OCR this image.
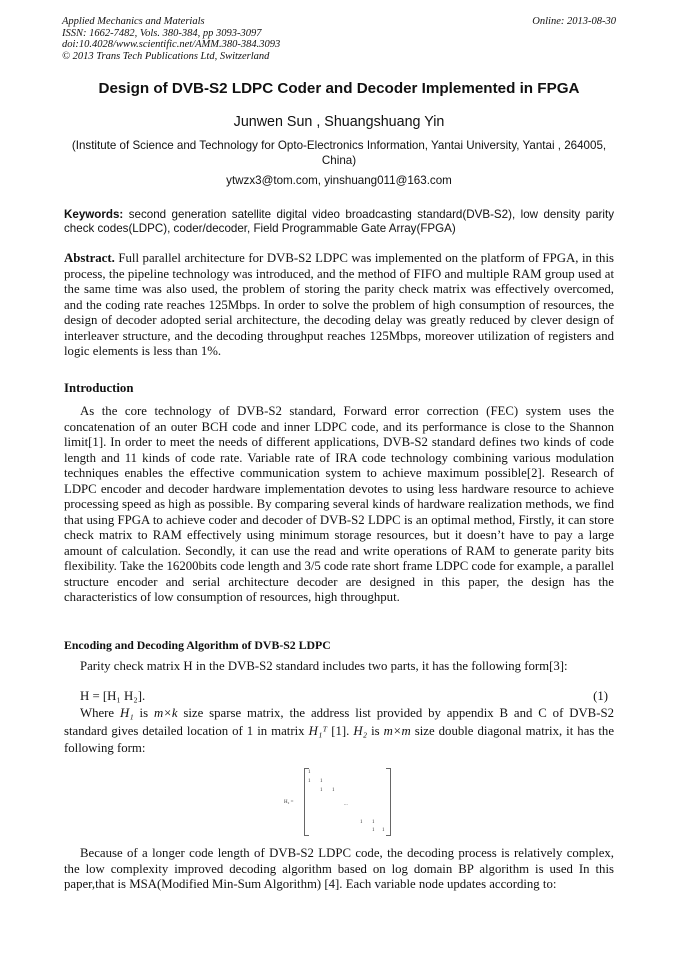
Applied Mechanics and Materials
ISSN: 1662-7482, Vols. 380-384, pp 3093-3097
doi:10.4028/www.scientific.net/AMM.380-384.3093
© 2013 Trans Tech Publications Ltd, Switzerland
Online: 2013-08-30
Design of DVB-S2 LDPC Coder and Decoder Implemented in FPGA
Junwen Sun , Shuangshuang Yin
(Institute of Science and Technology for Opto-Electronics Information, Yantai University, Yantai , 264005, China)
ytwzx3@tom.com, yinshuang011@163.com
Keywords: second generation satellite digital video broadcasting standard(DVB-S2), low density parity check codes(LDPC), coder/decoder, Field Programmable Gate Array(FPGA)
Abstract. Full parallel architecture for DVB-S2 LDPC was implemented on the platform of FPGA, in this process, the pipeline technology was introduced, and the method of FIFO and multiple RAM group used at the same time was also used, the problem of storing the parity check matrix was effectively overcomed, and the coding rate reaches 125Mbps. In order to solve the problem of high consumption of resources, the design of decoder adopted serial architecture, the decoding delay was greatly reduced by clever design of interleaver structure, and the decoding throughput reaches 125Mbps, moreover utilization of registers and logic elements is less than 1%.
Introduction
As the core technology of DVB-S2 standard, Forward error correction (FEC) system uses the concatenation of an outer BCH code and inner LDPC code, and its performance is close to the Shannon limit[1]. In order to meet the needs of different applications, DVB-S2 standard defines two kinds of code length and 11 kinds of code rate. Variable rate of IRA code technology combining various modulation techniques enables the effective communication system to achieve maximum possible[2]. Research of LDPC encoder and decoder hardware implementation devotes to using less hardware resource to achieve processing speed as high as possible. By comparing several kinds of hardware realization methods, we find that using FPGA to achieve coder and decoder of DVB-S2 LDPC is an optimal method, Firstly, it can store check matrix to RAM effectively using minimum storage resources, but it doesn’t have to pay a large amount of calculation. Secondly, it can use the read and write operations of RAM to generate parity bits flexibility. Take the 16200bits code length and 3/5 code rate short frame LDPC code for example, a parallel structure encoder and serial architecture decoder are designed in this paper, the design has the characteristics of low consumption of resources, high throughput.
Encoding and Decoding Algorithm of DVB-S2 LDPC
Parity check matrix H in the DVB-S2 standard includes two parts, it has the following form[3]:
H = [H₁ H₂].	(1)
Where H₁ is m×k size sparse matrix, the address list provided by appendix B and C of DVB-S2 standard gives detailed location of 1 in matrix H₁ᵀ [1]. H₂ is m×m size double diagonal matrix, it has the following form:
H₂ =
1
1 1
1 1
...
1 1
1 1
Because of a longer code length of DVB-S2 LDPC code, the decoding process is relatively complex, the low complexity improved decoding algorithm based on log domain BP algorithm is used In this paper,that is MSA(Modified Min-Sum Algorithm) [4]. Each variable node updates according to:
